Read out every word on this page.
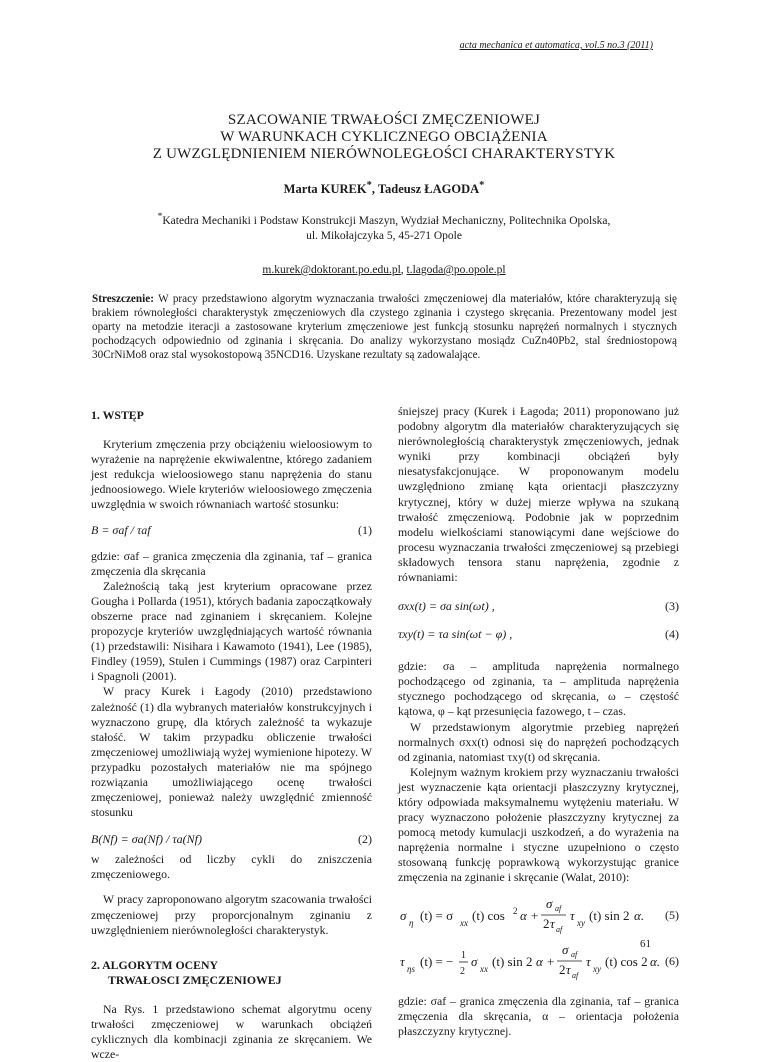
acta mechanica et automatica, vol.5 no.3 (2011)
SZACOWANIE TRWAŁOŚCI ZMĘCZENIOWEJ
W WARUNKACH CYKLICZNEGO OBCIĄŻENIA
Z UWZGLĘDNIENIEM NIERÓWNOLEGŁOŚCI CHARAKTERYSTYK
Marta KUREK*, Tadeusz ŁAGODA*
*Katedra Mechaniki i Podstaw Konstrukcji Maszyn, Wydział Mechaniczny, Politechnika Opolska,
ul. Mikołajczyka 5, 45-271 Opole
m.kurek@doktorant.po.edu.pl, t.lagoda@po.opole.pl
Streszczenie: W pracy przedstawiono algorytm wyznaczania trwałości zmęczeniowej dla materiałów, które charakteryzują się brakiem równoległości charakterystyk zmęczeniowych dla czystego zginania i czystego skręcania. Prezentowany model jest oparty na metodzie iteracji a zastosowane kryterium zmęczeniowe jest funkcją stosunku naprężeń normalnych i stycznych pochodzących odpowiednio od zginania i skręcania. Do analizy wykorzystano mosiądz CuZn40Pb2, stal średniostopową 30CrNiMo8 oraz stal wysokostopową 35NCD16. Uzyskane rezultaty są zadowalające.

1. WSTĘP

Kryterium zmęczenia przy obciążeniu wieloosiowym to wyrażenie na naprężenie ekwiwalentne, którego zadaniem jest redukcja wieloosiowego stanu naprężenia do stanu jednoosiowego. Wiele kryteriów wieloosiowego zmęczenia uwzględnia w swoich równaniach wartość stosunku:

B = σaf / τaf	(1)

gdzie: σaf – granica zmęczenia dla zginania, τaf – granica zmęczenia dla skręcania

Zależnością taką jest kryterium opracowane przez Gougha i Pollarda (1951), których badania zapoczątkowały obszerne prace nad zginaniem i skręcaniem. Kolejne propozycje kryteriów uwzględniających wartość równania (1) przedstawili: Nisihara i Kawamoto (1941), Lee (1985), Findley (1959), Stulen i Cummings (1987) oraz Carpinteri i Spagnoli (2001).

W pracy Kurek i Łagody (2010) przedstawiono zależność (1) dla wybranych materiałów konstrukcyjnych i wyznaczono grupę, dla których zależność ta wykazuje stałość. W takim przypadku obliczenie trwałości zmęczeniowej umożliwiają wyżej wymienione hipotezy. W przypadku pozostałych materiałów nie ma spójnego rozwiązania umożliwiającego ocenę trwałości zmęczeniowej, ponieważ należy uwzględnić zmienność stosunku

B(Nf) = σa(Nf) / τa(Nf)	(2)

w zależności od liczby cykli do zniszczenia zmęczeniowego.

W pracy zaproponowano algorytm szacowania trwałości zmęczeniowej przy proporcjonalnym zginaniu z uwzględnieniem nierównoległości charakterystyk.

2. ALGORYTM OCENY
TRWAŁOSCI ZMĘCZENIOWEJ

Na Rys. 1 przedstawiono schemat algorytmu oceny trwałości zmęczeniowej w warunkach obciążeń cyklicznych dla kombinacji zginania ze skręcaniem. We wcze-

śniejszej pracy (Kurek i Łagoda; 2011) proponowano już podobny algorytm dla materiałów charakteryzujących się nierównoległością charakterystyk zmęczeniowych, jednak wyniki przy kombinacji obciążeń były niesatysfakcjonujące. W proponowanym modelu uwzględniono zmianę kąta orientacji płaszczyzny krytycznej, który w dużej mierze wpływa na szukaną trwałość zmęczeniową. Podobnie jak w poprzednim modelu wielkościami stanowiącymi dane wejściowe do procesu wyznaczania trwałości zmęczeniowej są przebiegi składowych tensora stanu naprężenia, zgodnie z równaniami:

σxx(t) = σa sin(ωt) ,	(3)
τxy(t) = τa sin(ωt − φ) ,	(4)

gdzie: σa – amplituda naprężenia normalnego pochodzącego od zginania, τa – amplituda naprężenia stycznego pochodzącego od skręcania, ω – częstość kątowa, φ – kąt przesunięcia fazowego, t – czas.

W przedstawionym algorytmie przebieg naprężeń normalnych σxx(t) odnosi się do naprężeń pochodzących od zginania, natomiast τxy(t) od skręcania.

Kolejnym ważnym krokiem przy wyznaczaniu trwałości jest wyznaczenie kąta orientacji płaszczyzny krytycznej, który odpowiada maksymalnemu wytężeniu materiału. W pracy wyznaczono położenie płaszczyzny krytycznej za pomocą metody kumulacji uszkodzeń, a do wyrażenia na naprężenia normalne i styczne uzupełniono o często stosowaną funkcję poprawkową wykorzystując granice zmęczenia na zginanie i skręcanie (Walat, 2010):

σ η (t) = σ xx (t) cos 2 α +
σ af
2 τ af
τ xy (t) sin 2 α. (5)
τ ηs (t) = − 1
2
σ xx (t) sin 2 α +
σ af
2 τ af
τ xy (t) cos 2 α. (6)

gdzie: σaf – granica zmęczenia dla zginania, τaf – granica zmęczenia dla skręcania, α – orientacja położenia płaszczyzny krytycznej.

61
